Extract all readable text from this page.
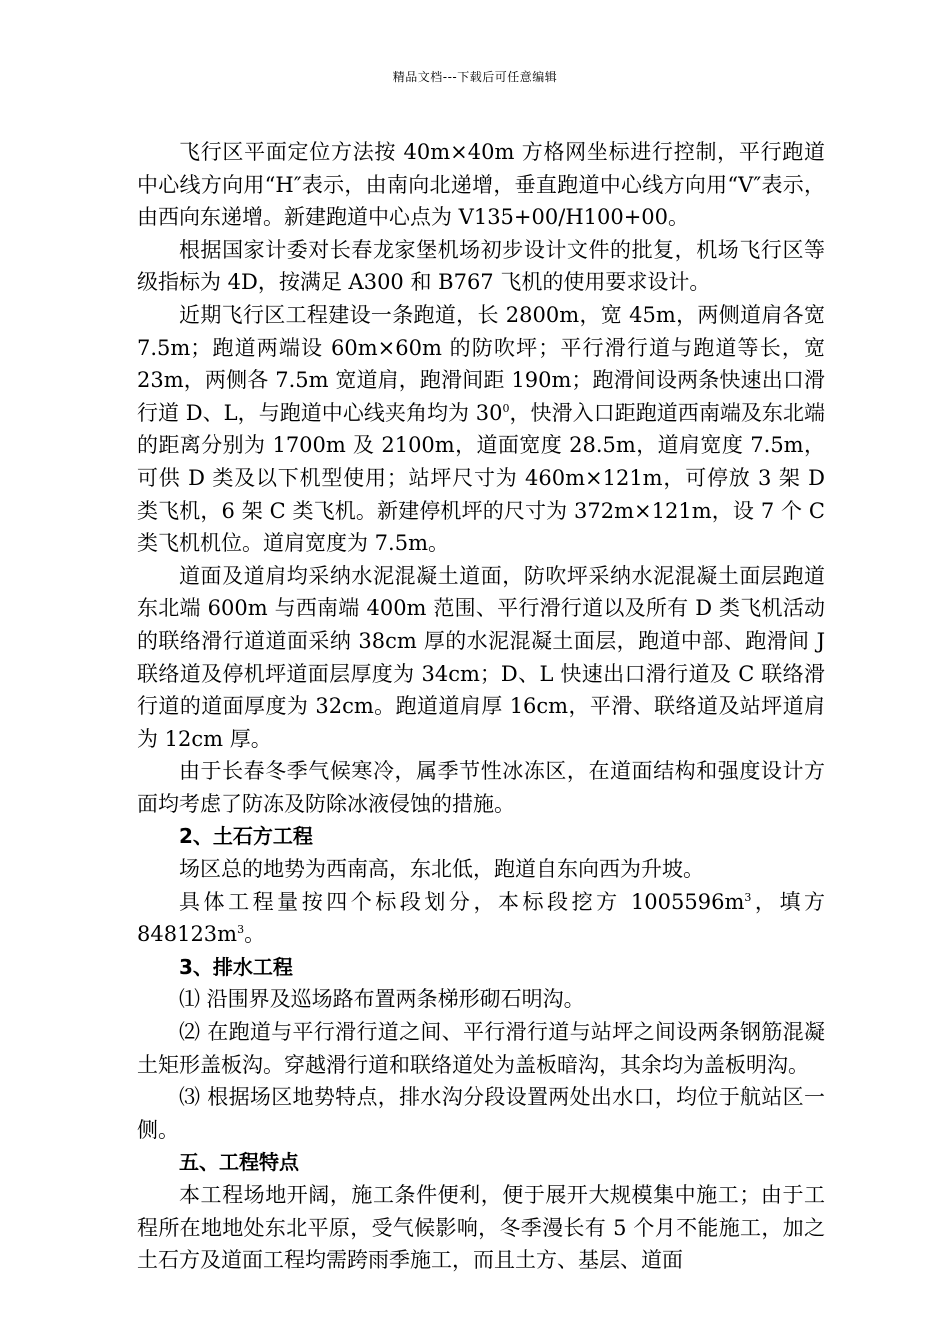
精品文档---下载后可任意编辑

飞行区平面定位方法按 40m×40m 方格网坐标进行控制，平行跑道中心线方向用“H″表示，由南向北递增，垂直跑道中心线方向用“V″表示，由西向东递增。新建跑道中心点为 V135+00/H100+00。

根据国家计委对长春龙家堡机场初步设计文件的批复，机场飞行区等级指标为 4D，按满足 A300 和 B767 飞机的使用要求设计。

近期飞行区工程建设一条跑道，长 2800m，宽 45m，两侧道肩各宽 7.5m；跑道两端设 60m×60m 的防吹坪；平行滑行道与跑道等长，宽 23m，两侧各 7.5m 宽道肩，跑滑间距 190m；跑滑间设两条快速出口滑行道 D、L，与跑道中心线夹角均为 $30^0$，快滑入口距跑道西南端及东北端的距离分别为 1700m 及 2100m，道面宽度 28.5m，道肩宽度 7.5m，可供 D 类及以下机型使用；站坪尺寸为 460m×121m，可停放 3 架 D 类飞机，6 架 C 类飞机。新建停机坪的尺寸为 372m×121m，设 7 个 C 类飞机机位。道肩宽度为 7.5m。

道面及道肩均采纳水泥混凝土道面，防吹坪采纳水泥混凝土面层跑道东北端 600m 与西南端 400m 范围、平行滑行道以及所有 D 类飞机活动的联络滑行道道面采纳 38cm 厚的水泥混凝土面层，跑道中部、跑滑间 J 联络道及停机坪道面层厚度为 34cm；D、L 快速出口滑行道及 C 联络滑行道的道面厚度为 32cm。跑道道肩厚 16cm，平滑、联络道及站坪道肩为 12cm 厚。

由于长春冬季气候寒冷，属季节性冰冻区，在道面结构和强度设计方面均考虑了防冻及防除冰液侵蚀的措施。

2、土石方工程

场区总的地势为西南高，东北低，跑道自东向西为升坡。

具体工程量按四个标段划分，本标段挖方 $1005596m^3$，填方 $848123m^3$。

3、排水工程

⑴ 沿围界及巡场路布置两条梯形砌石明沟。

⑵ 在跑道与平行滑行道之间、平行滑行道与站坪之间设两条钢筋混凝土矩形盖板沟。穿越滑行道和联络道处为盖板暗沟，其余均为盖板明沟。

⑶ 根据场区地势特点，排水沟分段设置两处出水口，均位于航站区一侧。

五、工程特点

本工程场地开阔，施工条件便利，便于展开大规模集中施工；由于工程所在地地处东北平原，受气候影响，冬季漫长有 5 个月不能施工，加之土石方及道面工程均需跨雨季施工，而且土方、基层、道面
